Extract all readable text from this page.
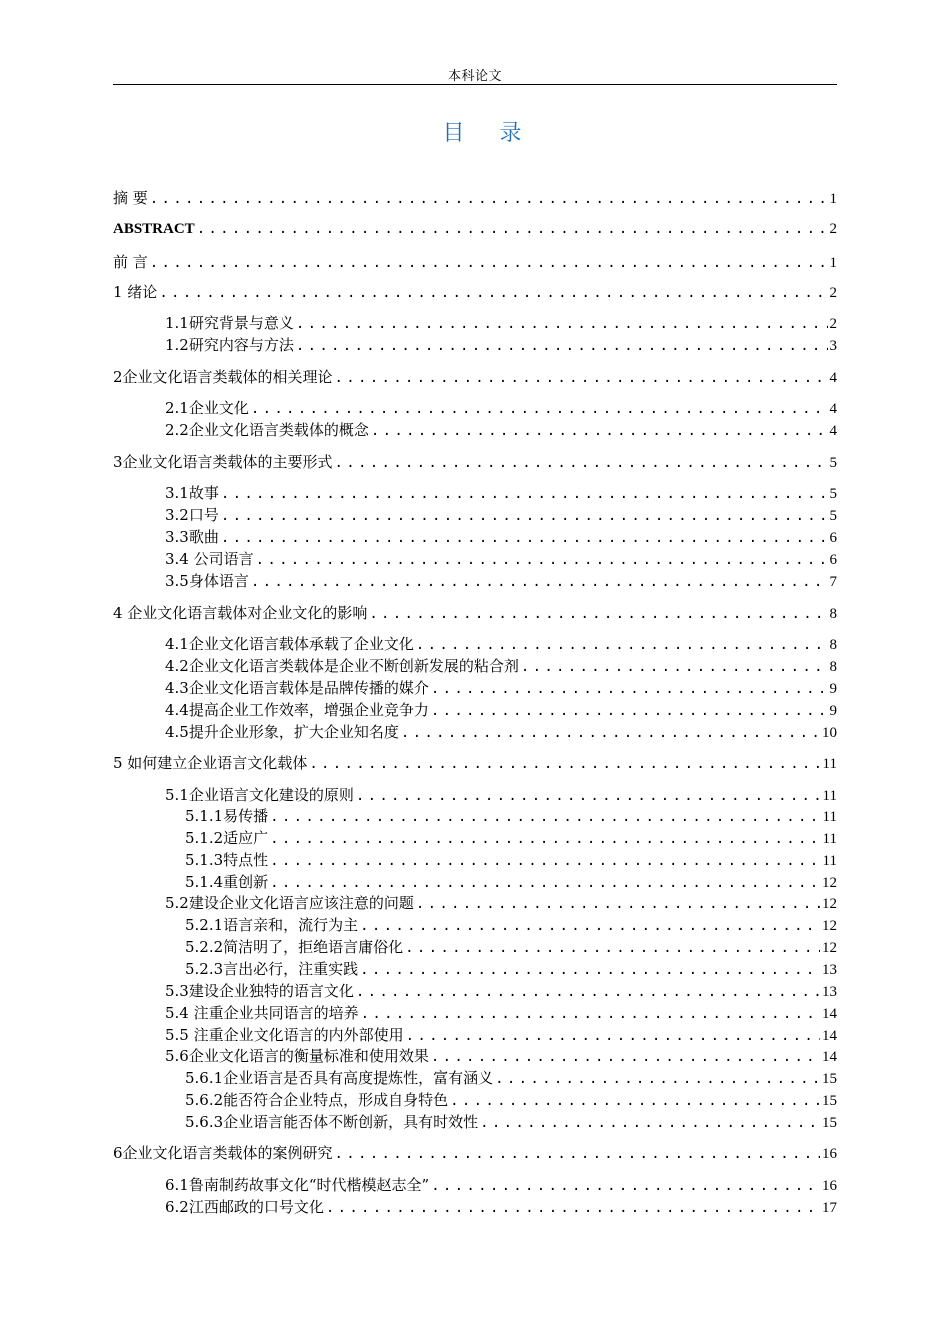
本科论文
目 录
摘 要 .....	1
ABSTRACT .....	2
前 言 .....	1
1 绪论 .....	2
1.1研究背景与意义 .....	2
1.2研究内容与方法 .....	3
2企业文化语言类载体的相关理论 .....	4
2.1企业文化 .....	4
2.2企业文化语言类载体的概念 .....	4
3企业文化语言类载体的主要形式 .....	5
3.1故事 .....	5
3.2口号 .....	5
3.3歌曲 .....	6
3.4 公司语言 .....	6
3.5身体语言 .....	7
4 企业文化语言载体对企业文化的影响 .....	8
4.1企业文化语言载体承载了企业文化 .....	8
4.2企业文化语言类载体是企业不断创新发展的粘合剂 .....	8
4.3企业文化语言载体是品牌传播的媒介 .....	9
4.4提高企业工作效率，增强企业竞争力 .....	9
4.5提升企业形象，扩大企业知名度 .....	10
5 如何建立企业语言文化载体 .....	11
5.1企业语言文化建设的原则 .....	11
5.1.1易传播 .....	11
5.1.2适应广 .....	11
5.1.3特点性 .....	11
5.1.4重创新 .....	12
5.2建设企业文化语言应该注意的问题 .....	12
5.2.1语言亲和，流行为主 .....	12
5.2.2简洁明了，拒绝语言庸俗化 .....	12
5.2.3言出必行，注重实践 .....	13
5.3建设企业独特的语言文化 .....	13
5.4 注重企业共同语言的培养 .....	14
5.5 注重企业文化语言的内外部使用 .....	14
5.6企业文化语言的衡量标准和使用效果 .....	14
5.6.1企业语言是否具有高度提炼性，富有涵义 .....	15
5.6.2能否符合企业特点，形成自身特色 .....	15
5.6.3企业语言能否体不断创新，具有时效性 .....	15
6企业文化语言类载体的案例研究 .....	16
6.1鲁南制药故事文化“时代楷模赵志全” .....	16
6.2江西邮政的口号文化 .....	17
